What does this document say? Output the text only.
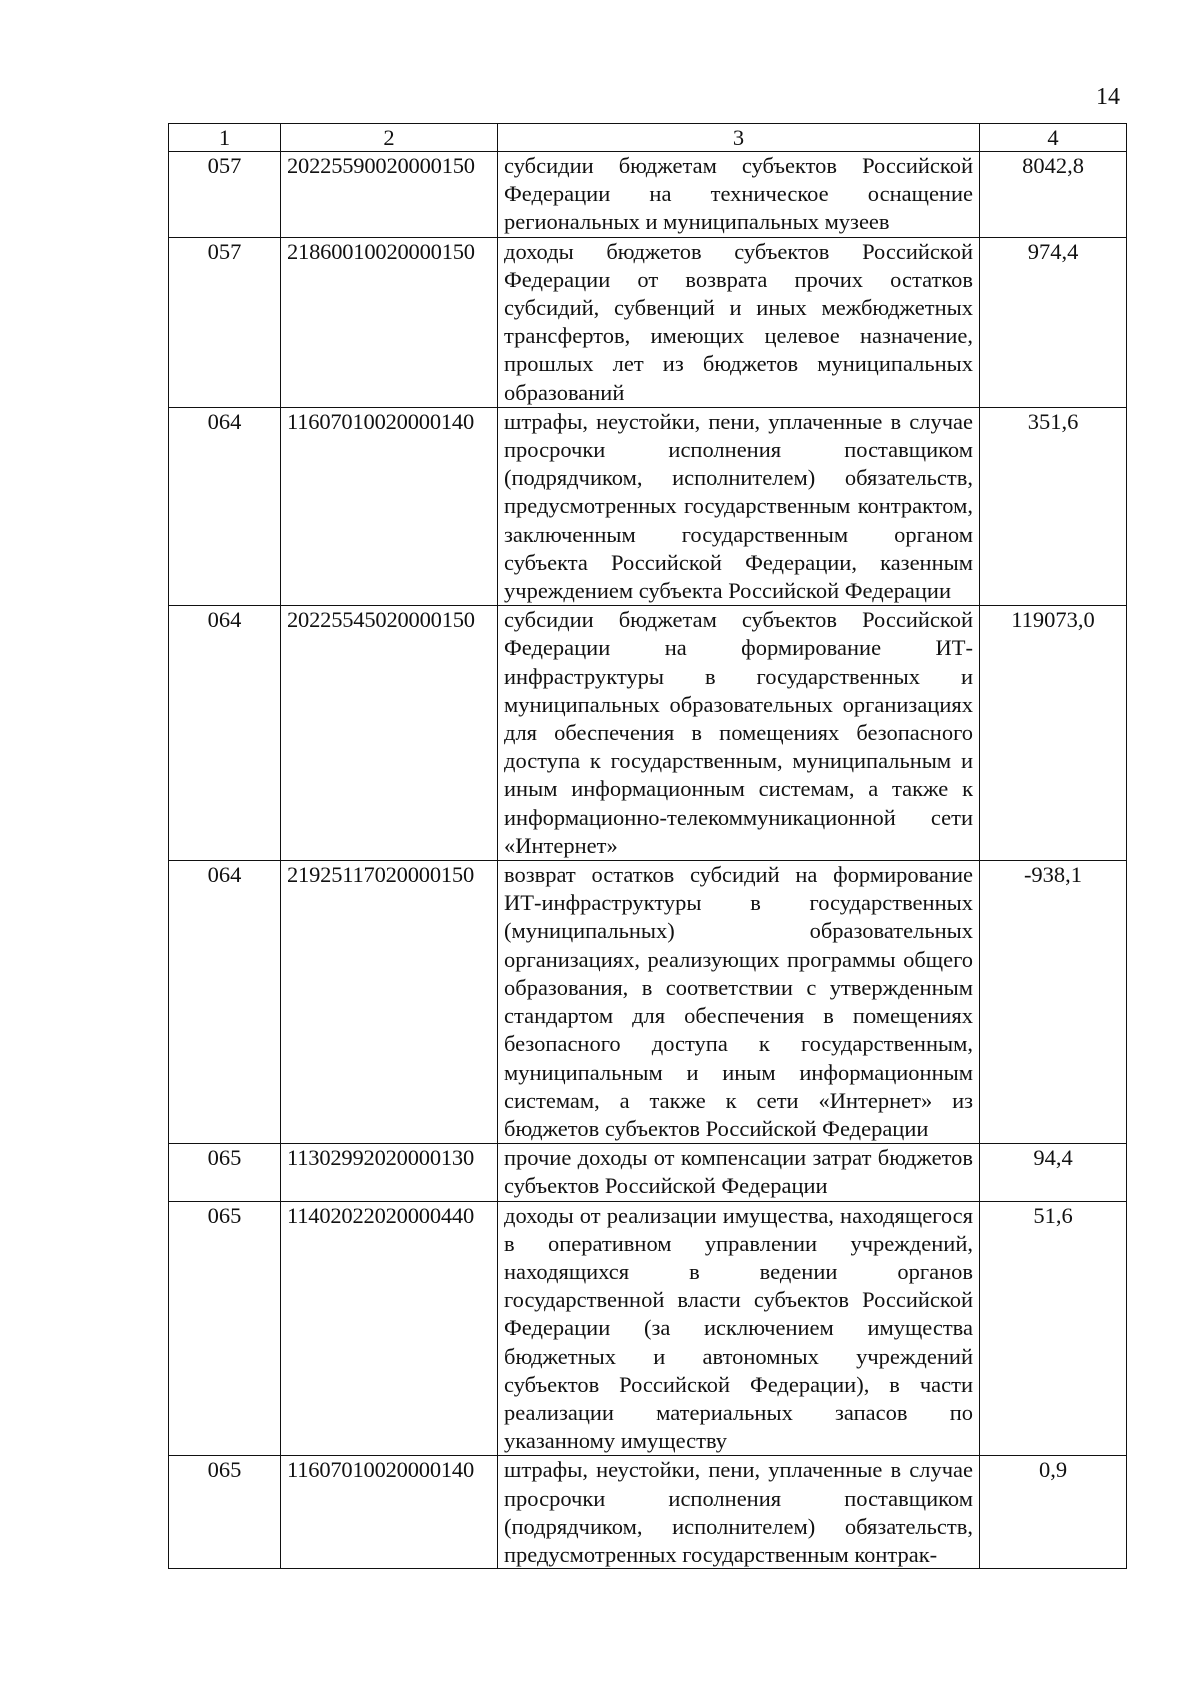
14
1	2	3	4
057	20225590020000150	субсидии бюджетам субъектов Российской Федерации на техническое оснащение региональных и муниципальных музеев	8042,8
057	21860010020000150	доходы бюджетов субъектов Российской Федерации от возврата прочих остатков субсидий, субвенций и иных межбюджетных трансфертов, имеющих целевое назначение, прошлых лет из бюджетов муниципальных образований	974,4
064	11607010020000140	штрафы, неустойки, пени, уплаченные в случае просрочки исполнения поставщиком (подрядчиком, исполнителем) обязательств, предусмотренных государственным контрактом, заключенным государственным органом субъекта Российской Федерации, казенным учреждением субъекта Российской Федерации	351,6
064	20225545020000150	субсидии бюджетам субъектов Российской Федерации на формирование ИТ-инфраструктуры в государственных и муниципальных образовательных организациях для обеспечения в помещениях безопасного доступа к государственным, муниципальным и иным информационным системам, а также к информационно-телекоммуникационной сети «Интернет»	119073,0
064	21925117020000150	возврат остатков субсидий на формирование ИТ-инфраструктуры в государственных (муниципальных) образовательных организациях, реализующих программы общего образования, в соответствии с утвержденным стандартом для обеспечения в помещениях безопасного доступа к государственным, муниципальным и иным информационным системам, а также к сети «Интернет» из бюджетов субъектов Российской Федерации	-938,1
065	11302992020000130	прочие доходы от компенсации затрат бюджетов субъектов Российской Федерации	94,4
065	11402022020000440	доходы от реализации имущества, находящегося в оперативном управлении учреждений, находящихся в ведении органов государственной власти субъектов Российской Федерации (за исключением имущества бюджетных и автономных учреждений субъектов Российской Федерации), в части реализации материальных запасов по указанному имуществу	51,6
065	11607010020000140	штрафы, неустойки, пени, уплаченные в случае просрочки исполнения поставщиком (подрядчиком, исполнителем) обязательств, предусмотренных государственным контрак-	0,9
